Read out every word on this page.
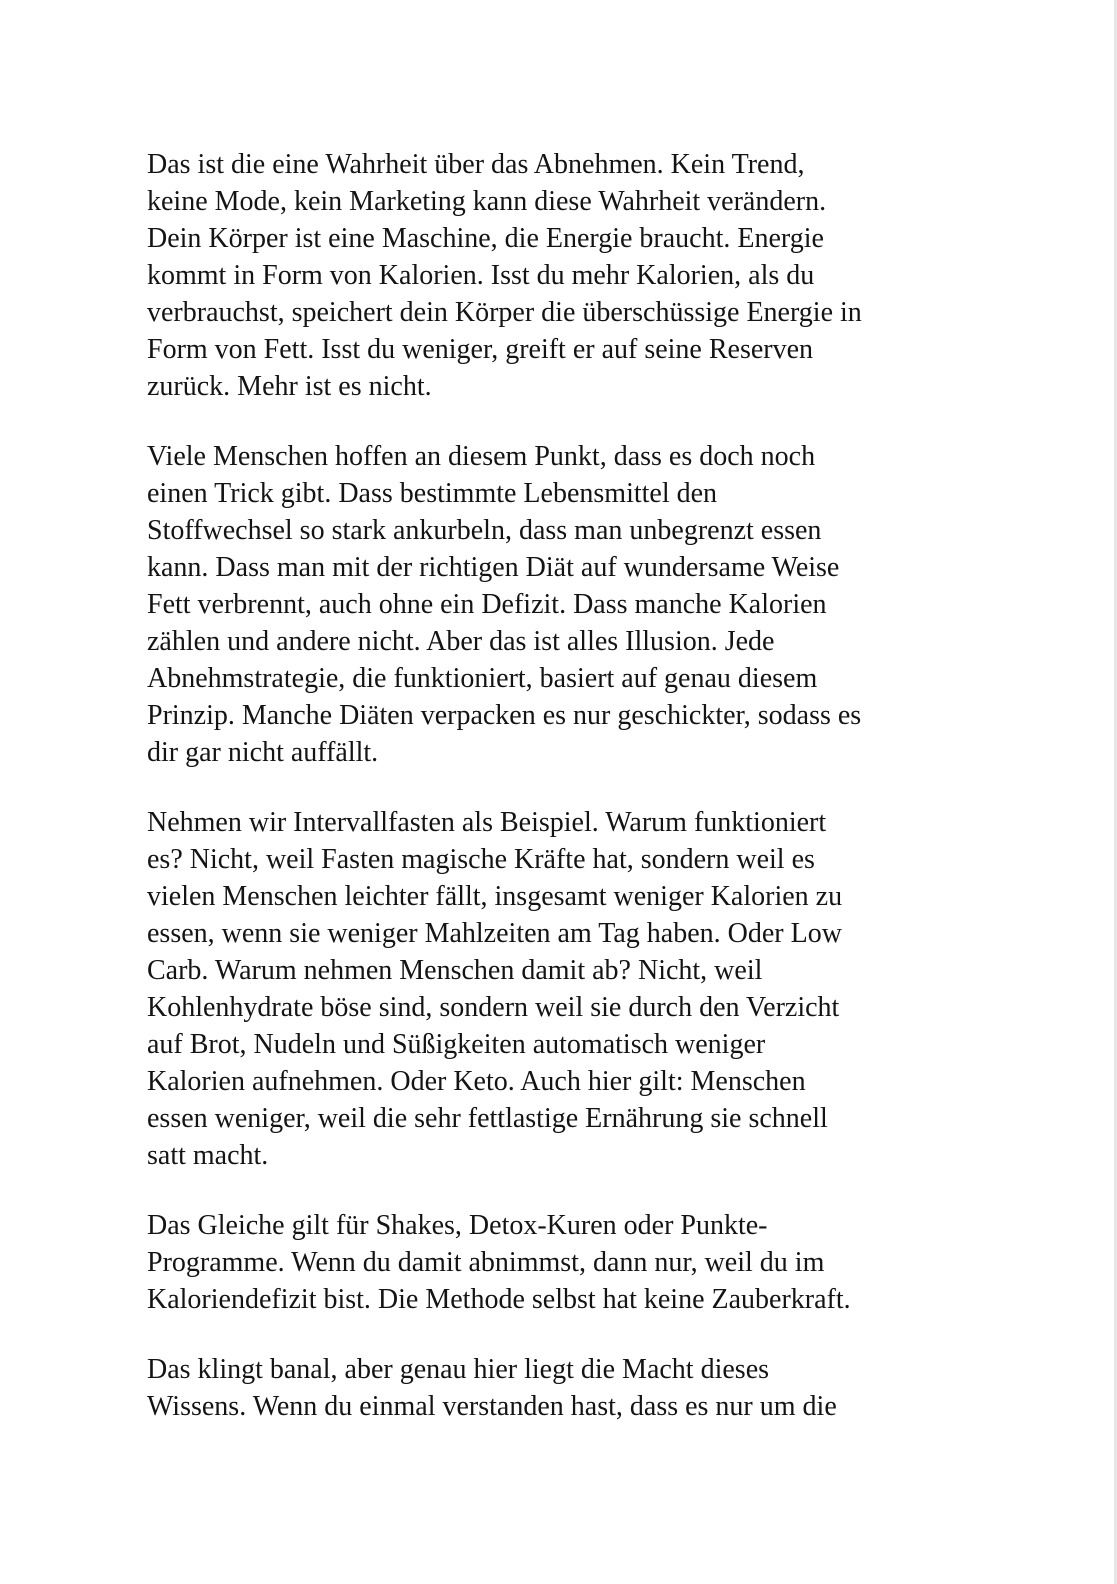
Das ist die eine Wahrheit über das Abnehmen. Kein Trend,
keine Mode, kein Marketing kann diese Wahrheit verändern.
Dein Körper ist eine Maschine, die Energie braucht. Energie
kommt in Form von Kalorien. Isst du mehr Kalorien, als du
verbrauchst, speichert dein Körper die überschüssige Energie in
Form von Fett. Isst du weniger, greift er auf seine Reserven
zurück. Mehr ist es nicht.
Viele Menschen hoffen an diesem Punkt, dass es doch noch
einen Trick gibt. Dass bestimmte Lebensmittel den
Stoffwechsel so stark ankurbeln, dass man unbegrenzt essen
kann. Dass man mit der richtigen Diät auf wundersame Weise
Fett verbrennt, auch ohne ein Defizit. Dass manche Kalorien
zählen und andere nicht. Aber das ist alles Illusion. Jede
Abnehmstrategie, die funktioniert, basiert auf genau diesem
Prinzip. Manche Diäten verpacken es nur geschickter, sodass es
dir gar nicht auffällt.
Nehmen wir Intervallfasten als Beispiel. Warum funktioniert
es? Nicht, weil Fasten magische Kräfte hat, sondern weil es
vielen Menschen leichter fällt, insgesamt weniger Kalorien zu
essen, wenn sie weniger Mahlzeiten am Tag haben. Oder Low
Carb. Warum nehmen Menschen damit ab? Nicht, weil
Kohlenhydrate böse sind, sondern weil sie durch den Verzicht
auf Brot, Nudeln und Süßigkeiten automatisch weniger
Kalorien aufnehmen. Oder Keto. Auch hier gilt: Menschen
essen weniger, weil die sehr fettlastige Ernährung sie schnell
satt macht.
Das Gleiche gilt für Shakes, Detox-Kuren oder Punkte-
Programme. Wenn du damit abnimmst, dann nur, weil du im
Kaloriendefizit bist. Die Methode selbst hat keine Zauberkraft.
Das klingt banal, aber genau hier liegt die Macht dieses
Wissens. Wenn du einmal verstanden hast, dass es nur um die
